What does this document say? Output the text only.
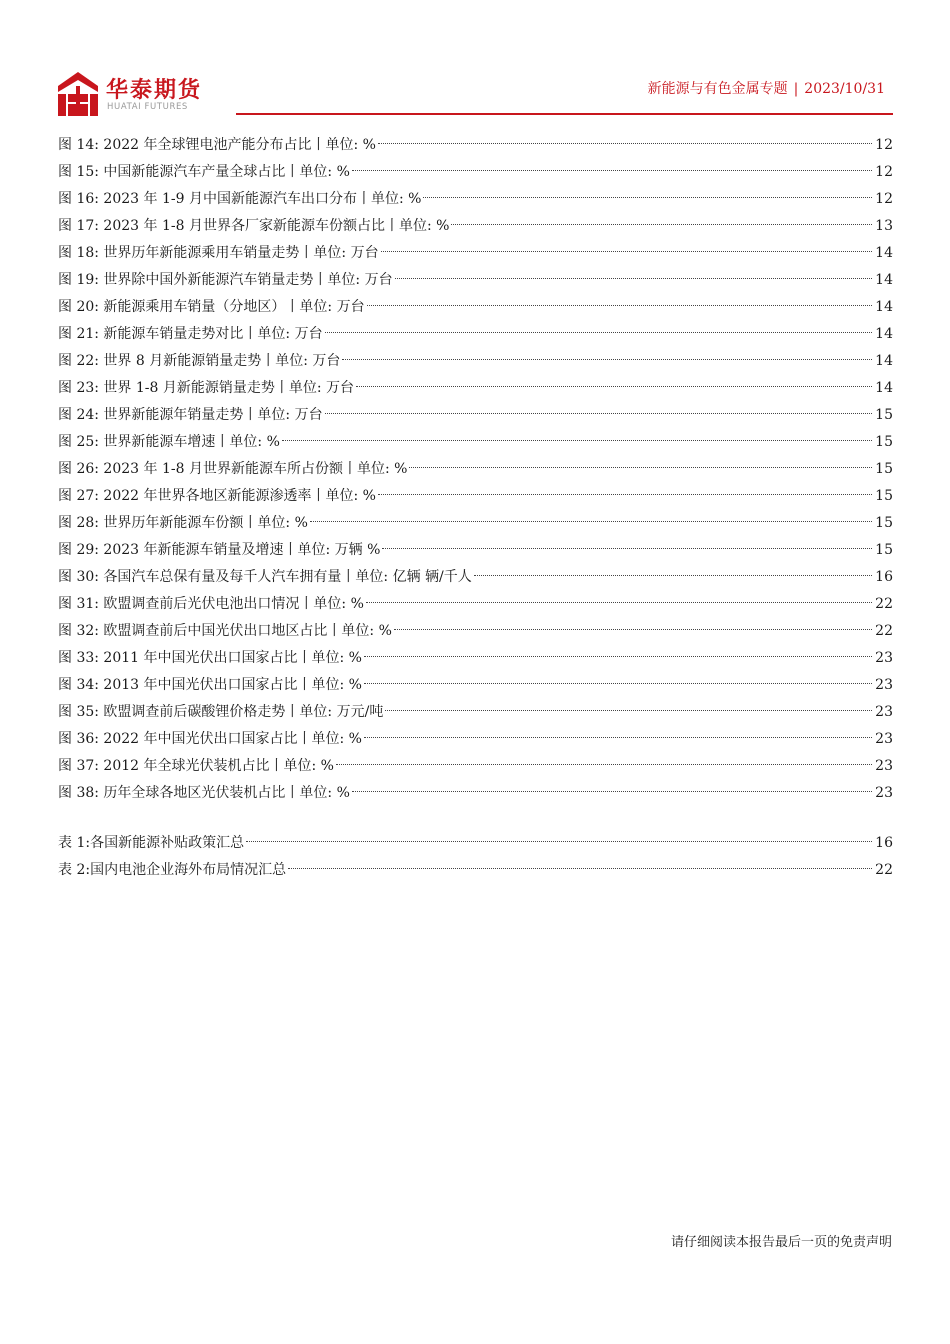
华泰期货
HUATAI FUTURES
新能源与有色金属专题 | 2023/10/31
图 14: 2022 年全球锂电池产能分布占比丨单位: %	12
图 15: 中国新能源汽车产量全球占比丨单位: %	12
图 16: 2023 年 1-9 月中国新能源汽车出口分布丨单位: %	12
图 17: 2023 年 1-8 月世界各厂家新能源车份额占比丨单位: %	13
图 18: 世界历年新能源乘用车销量走势丨单位: 万台	14
图 19: 世界除中国外新能源汽车销量走势丨单位: 万台	14
图 20: 新能源乘用车销量（分地区）丨单位: 万台	14
图 21: 新能源车销量走势对比丨单位: 万台	14
图 22: 世界 8 月新能源销量走势丨单位: 万台	14
图 23: 世界 1-8 月新能源销量走势丨单位: 万台	14
图 24: 世界新能源年销量走势丨单位: 万台	15
图 25: 世界新能源车增速丨单位: %	15
图 26: 2023 年 1-8 月世界新能源车所占份额丨单位: %	15
图 27: 2022 年世界各地区新能源渗透率丨单位: %	15
图 28: 世界历年新能源车份额丨单位: %	15
图 29: 2023 年新能源车销量及增速丨单位: 万辆 %	15
图 30: 各国汽车总保有量及每千人汽车拥有量丨单位: 亿辆 辆/千人	16
图 31: 欧盟调查前后光伏电池出口情况丨单位: %	22
图 32: 欧盟调查前后中国光伏出口地区占比丨单位: %	22
图 33: 2011 年中国光伏出口国家占比丨单位: %	23
图 34: 2013 年中国光伏出口国家占比丨单位: %	23
图 35: 欧盟调查前后碳酸锂价格走势丨单位: 万元/吨	23
图 36: 2022 年中国光伏出口国家占比丨单位: %	23
图 37: 2012 年全球光伏装机占比丨单位: %	23
图 38: 历年全球各地区光伏装机占比丨单位: %	23
表 1:各国新能源补贴政策汇总	16
表 2:国内电池企业海外布局情况汇总	22
请仔细阅读本报告最后一页的免责声明
